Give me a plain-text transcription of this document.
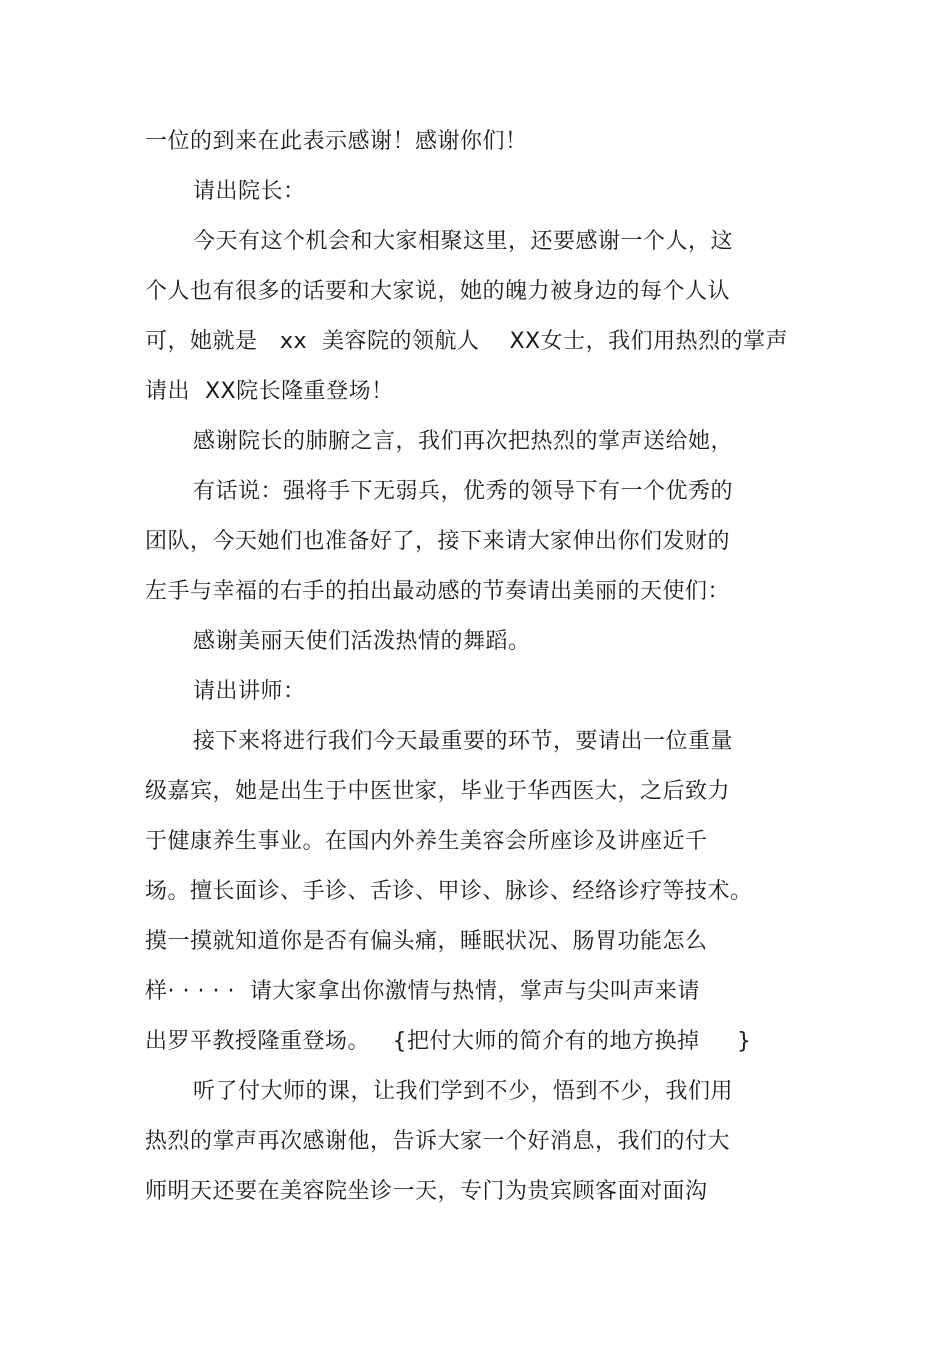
一位的到来在此表示感谢！感谢你们！
请出院长：
今天有这个机会和大家相聚这里，还要感谢一个人，这
个人也有很多的话要和大家说，她的魄力被身边的每个人认
可，她就是   xx  美容院的领航人    XX女士，我们用热烈的掌声
请出  XX院长隆重登场！
感谢院长的肺腑之言，我们再次把热烈的掌声送给她，
有话说：强将手下无弱兵，优秀的领导下有一个优秀的
团队，今天她们也准备好了，接下来请大家伸出你们发财的
左手与幸福的右手的拍出最动感的节奏请出美丽的天使们：
感谢美丽天使们活泼热情的舞蹈。
请出讲师：
接下来将进行我们今天最重要的环节，要请出一位重量
级嘉宾，她是出生于中医世家，毕业于华西医大，之后致力
于健康养生事业。在国内外养生美容会所座诊及讲座近千
场。擅长面诊、手诊、舌诊、甲诊、脉诊、经络诊疗等技术。
摸一摸就知道你是否有偏头痛，睡眠状况、肠胃功能怎么
样· · · · ·  请大家拿出你激情与热情，掌声与尖叫声来请
出罗平教授隆重登场。   {把付大师的简介有的地方换掉     }
听了付大师的课，让我们学到不少，悟到不少，我们用
热烈的掌声再次感谢他，告诉大家一个好消息，我们的付大
师明天还要在美容院坐诊一天，专门为贵宾顾客面对面沟
